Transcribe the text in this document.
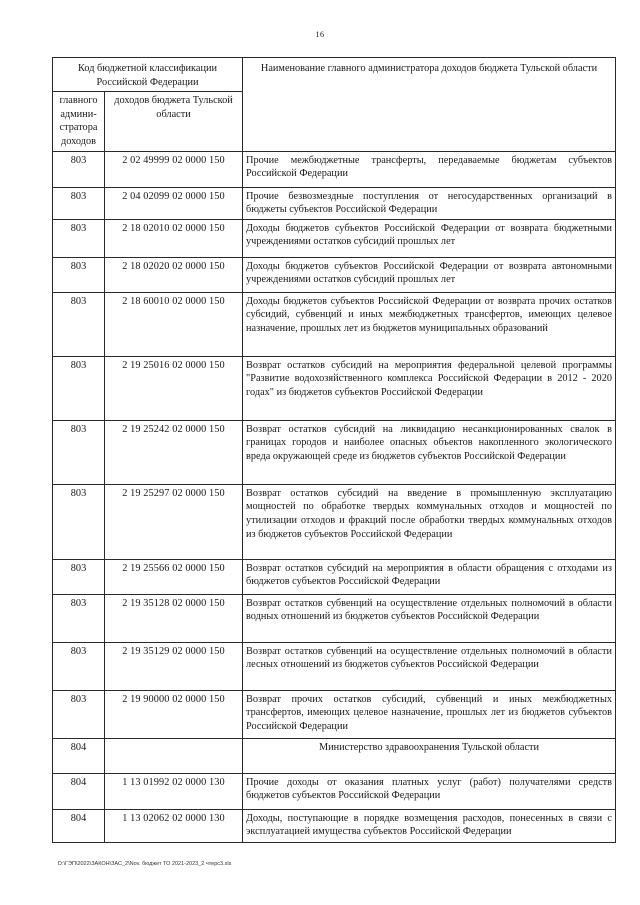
16
Код бюджетной классификации Российской Федерации		Наименование главного администратора доходов бюджета Тульской области
главного админи-стратора доходов	доходов бюджета Тульской области	
803	2 02 49999 02 0000 150	Прочие межбюджетные трансферты, передаваемые бюджетам субъектов Российской Федерации
803	2 04 02099 02 0000 150	Прочие безвозмездные поступления от негосударственных организаций в бюджеты субъектов Российской Федерации
803	2 18 02010 02 0000 150	Доходы бюджетов субъектов Российской Федерации от возврата бюджетными учреждениями остатков субсидий прошлых лет
803	2 18 02020 02 0000 150	Доходы бюджетов субъектов Российской Федерации от возврата автономными учреждениями остатков субсидий прошлых лет
803	2 18 60010 02 0000 150	Доходы бюджетов субъектов Российской Федерации от возврата прочих остатков субсидий, субвенций и иных межбюджетных трансфертов, имеющих целевое назначение, прошлых лет из бюджетов муниципальных образований
803	2 19 25016 02 0000 150	Возврат остатков субсидий на мероприятия федеральной целевой программы "Развитие водохозяйственного комплекса Российской Федерации в 2012 - 2020 годах" из бюджетов субъектов Российской Федерации
803	2 19 25242 02 0000 150	Возврат остатков субсидий на ликвидацию несанкционированных свалок в границах городов и наиболее опасных объектов накопленного экологического вреда окружающей среде из бюджетов субъектов Российской Федерации
803	2 19 25297 02 0000 150	Возврат остатков субсидий на введение в промышленную эксплуатацию мощностей по обработке твердых коммунальных отходов и мощностей по утилизации отходов и фракций после обработки твердых коммунальных отходов из бюджетов субъектов Российской Федерации
803	2 19 25566 02 0000 150	Возврат остатков субсидий на мероприятия в области обращения с отходами из бюджетов субъектов Российской Федерации
803	2 19 35128 02 0000 150	Возврат остатков субвенций на осуществление отдельных полномочий в области водных отношений из бюджетов субъектов Российской Федерации
803	2 19 35129 02 0000 150	Возврат остатков субвенций на осуществление отдельных полномочий в области лесных отношений из бюджетов субъектов Российской Федерации
803	2 19 90000 02 0000 150	Возврат прочих остатков субсидий, субвенций и иных межбюджетных трансфертов, имеющих целевое назначение, прошлых лет из бюджетов субъектов Российской Федерации
804		Министерство здравоохранения Тульской области
804	1 13 01992 02 0000 130	Прочие доходы от оказания платных услуг (работ) получателями средств бюджетов субъектов Российской Федерации
804	1 13 02062 02 0000 130	Доходы, поступающие в порядке возмещения расходов, понесенных в связи с эксплуатацией имущества субъектов Российской Федерации
D:\ГЭП\2022\ЗАКОН\ЗАС_2\Nov. бюджет ТО 2021-2023_2 чтерс3.xls
